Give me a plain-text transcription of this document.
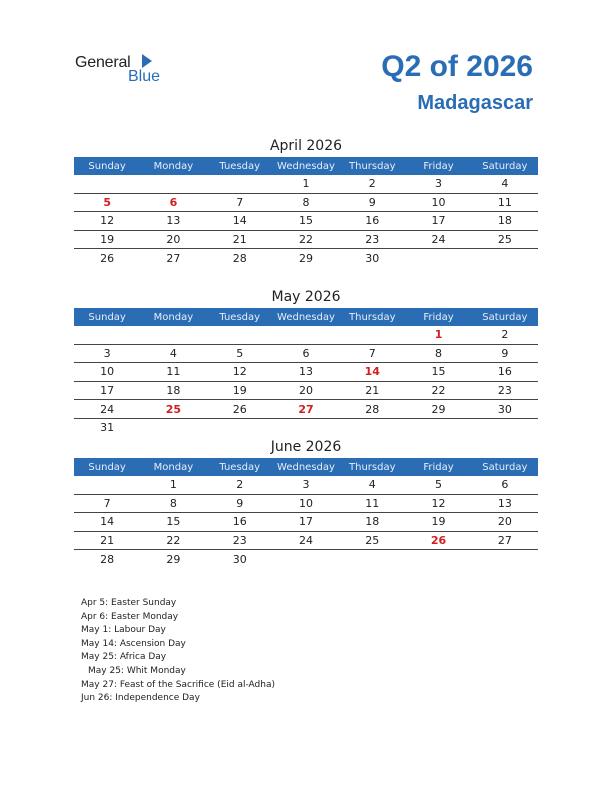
General
Blue	Q2 of 2026
Madagascar
April 2026
Sunday	Monday	Tuesday	Wednesday	Thursday	Friday	Saturday
			1	2	3	4
5	6	7	8	9	10	11
12	13	14	15	16	17	18
19	20	21	22	23	24	25
26	27	28	29	30		
May 2026
Sunday	Monday	Tuesday	Wednesday	Thursday	Friday	Saturday
					1	2
3	4	5	6	7	8	9
10	11	12	13	14	15	16
17	18	19	20	21	22	23
24	25	26	27	28	29	30
31						
June 2026
Sunday	Monday	Tuesday	Wednesday	Thursday	Friday	Saturday
	1	2	3	4	5	6
7	8	9	10	11	12	13
14	15	16	17	18	19	20
21	22	23	24	25	26	27
28	29	30				
Apr 5: Easter Sunday
Apr 6: Easter Monday
May 1: Labour Day
May 14: Ascension Day
May 25: Africa Day
May 25: Whit Monday
May 27: Feast of the Sacrifice (Eid al-Adha)
Jun 26: Independence Day
